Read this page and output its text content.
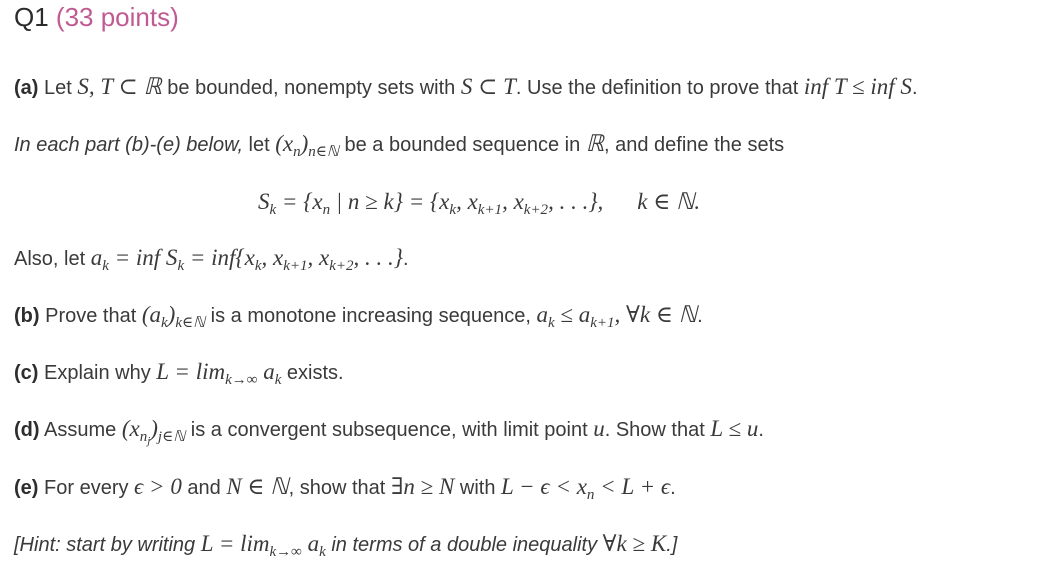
Q1 (33 points)
(a) Let S, T ⊂ ℝ be bounded, nonempty sets with S ⊂ T. Use the definition to prove that inf T ≤ inf S.
In each part (b)-(e) below, let $(x_n)_{n\in ℕ}$ be a bounded sequence in ℝ, and define the sets
$S_k = \{x_n$ | $n \ge k\} = \{x_k$, $x_{k+1}$, $x_{k+2}$, . . .}, k ∈ ℕ.
Also, let $a_k$ = inf $S_k = inf\{x_k$, $x_{k+1}$, $x_{k+2}$, . . .}.
(b) Prove that $(a_k)_{k\in ℕ}$ is a monotone increasing sequence, $a_k \le a_{k+1}$, ∀k ∈ ℕ.
(c) Explain why $L = \lim_{k\to\infty} a_k$ exists.
(d) Assume $(x_{n_j})_{j\in ℕ}$ is a convergent subsequence, with limit point u. Show that L ≤ u.
(e) For every ϵ > 0 and N ∈ ℕ, show that ∃n ≥ N with $L - \epsilon < x_n < L + \epsilon$.
[Hint: start by writing $L = \lim_{k\to\infty} a_k$ in terms of a double inequality ∀k ≥ K.]
